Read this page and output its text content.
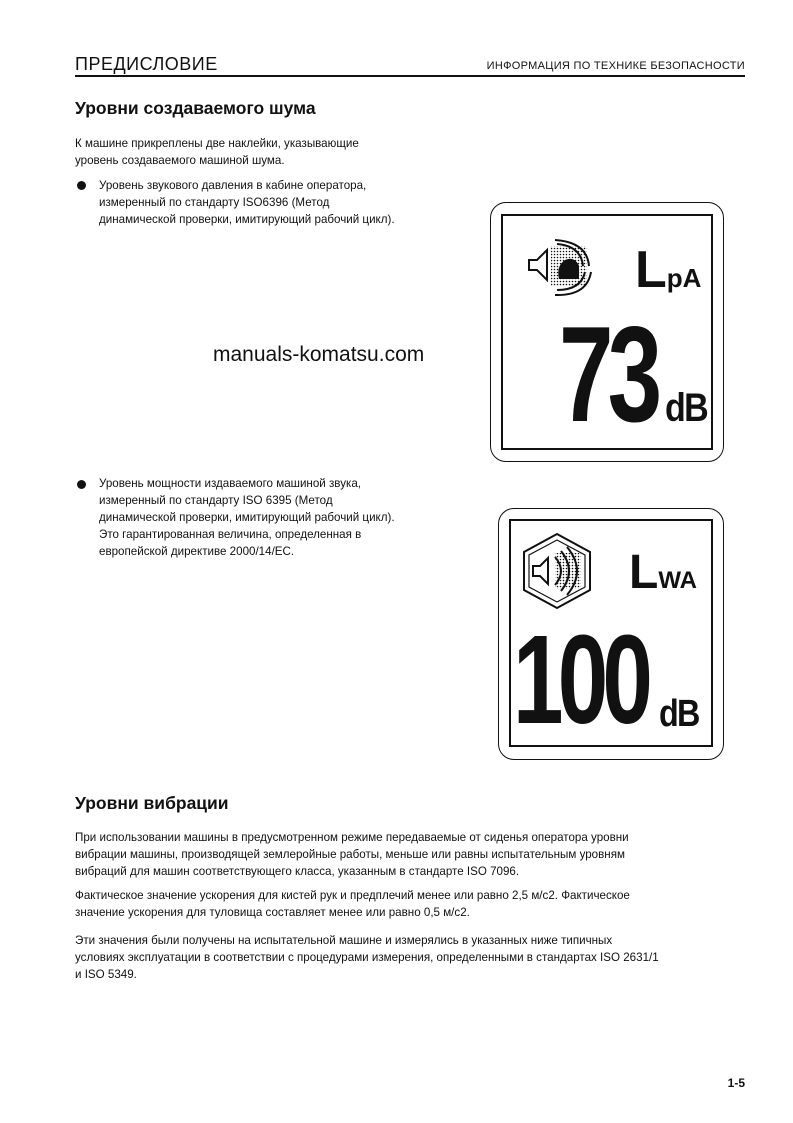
ПРЕДИСЛОВИЕ	ИНФОРМАЦИЯ ПО ТЕХНИКЕ БЕЗОПАСНОСТИ
Уровни создаваемого шума
К машине прикреплены две наклейки, указывающие
уровень создаваемого машиной шума.
Уровень звукового давления в кабине оператора,
измеренный по стандарту ISO6396 (Метод
динамической проверки, имитирующий рабочий цикл).
manuals-komatsu.com
LpA
73 dB
Уровень мощности издаваемого машиной звука,
измеренный по стандарту ISO 6395 (Метод
динамической проверки, имитирующий рабочий цикл).
Это гарантированная величина, определенная в
европейской директиве 2000/14/ЕС.	LWA
100 dB
Уровни вибрации
При использовании машины в предусмотренном режиме передаваемые от сиденья оператора уровни
вибрации машины, производящей землеройные работы, меньше или равны испытательным уровням
вибраций для машин соответствующего класса, указанным в стандарте ISO 7096.
Фактическое значение ускорения для кистей рук и предплечий менее или равно 2,5 м/с2. Фактическое
значение ускорения для туловища составляет менее или равно 0,5 м/с2.
Эти значения были получены на испытательной машине и измерялись в указанных ниже типичных
условиях эксплуатации в соответствии с процедурами измерения, определенными в стандартах ISO 2631/1
и ISO 5349.
1-5
